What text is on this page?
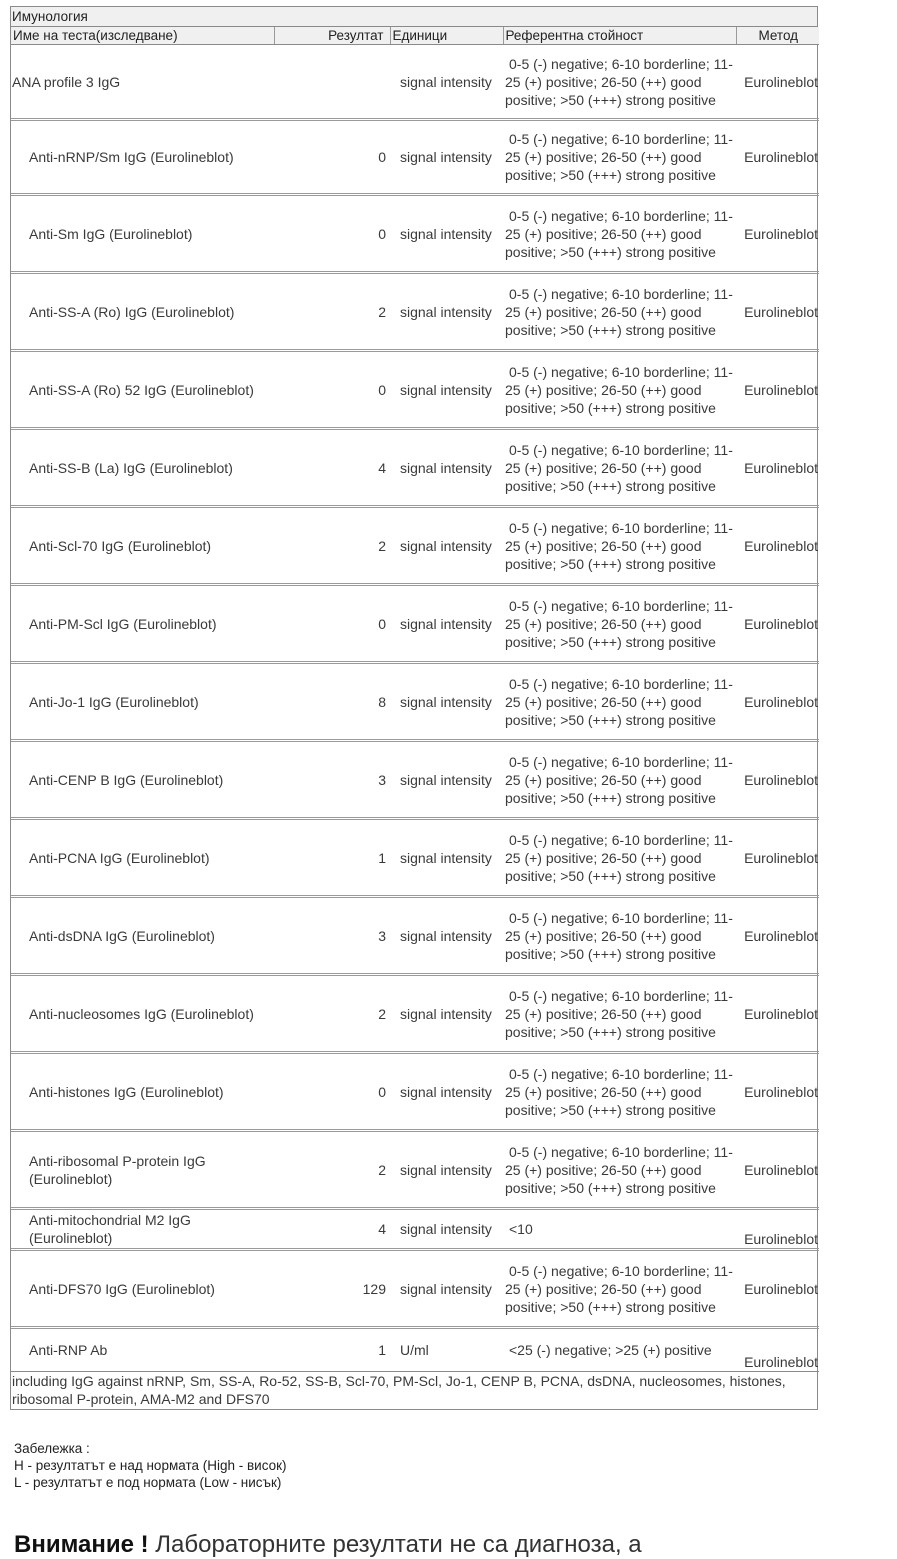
Имунология
Име на теста(изследване)	Резултат	Единици	Референтна стойност	Метод
ANA profile 3 IgG		signal intensity	0-5 (-) negative; 6-10 borderline; 11-25 (+) positive; 26-50 (++) good positive; >50 (+++) strong positive	Eurolineblot
Anti-nRNP/Sm IgG (Eurolineblot)	0	signal intensity	0-5 (-) negative; 6-10 borderline; 11-25 (+) positive; 26-50 (++) good positive; >50 (+++) strong positive	Eurolineblot
Anti-Sm IgG (Eurolineblot)	0	signal intensity	0-5 (-) negative; 6-10 borderline; 11-25 (+) positive; 26-50 (++) good positive; >50 (+++) strong positive	Eurolineblot
Anti-SS-A (Ro) IgG (Eurolineblot)	2	signal intensity	0-5 (-) negative; 6-10 borderline; 11-25 (+) positive; 26-50 (++) good positive; >50 (+++) strong positive	Eurolineblot
Anti-SS-A (Ro) 52 IgG (Eurolineblot)	0	signal intensity	0-5 (-) negative; 6-10 borderline; 11-25 (+) positive; 26-50 (++) good positive; >50 (+++) strong positive	Eurolineblot
Anti-SS-B (La) IgG (Eurolineblot)	4	signal intensity	0-5 (-) negative; 6-10 borderline; 11-25 (+) positive; 26-50 (++) good positive; >50 (+++) strong positive	Eurolineblot
Anti-Scl-70 IgG (Eurolineblot)	2	signal intensity	0-5 (-) negative; 6-10 borderline; 11-25 (+) positive; 26-50 (++) good positive; >50 (+++) strong positive	Eurolineblot
Anti-PM-Scl IgG (Eurolineblot)	0	signal intensity	0-5 (-) negative; 6-10 borderline; 11-25 (+) positive; 26-50 (++) good positive; >50 (+++) strong positive	Eurolineblot
Anti-Jo-1 IgG (Eurolineblot)	8	signal intensity	0-5 (-) negative; 6-10 borderline; 11-25 (+) positive; 26-50 (++) good positive; >50 (+++) strong positive	Eurolineblot
Anti-CENP B IgG (Eurolineblot)	3	signal intensity	0-5 (-) negative; 6-10 borderline; 11-25 (+) positive; 26-50 (++) good positive; >50 (+++) strong positive	Eurolineblot
Anti-PCNA IgG (Eurolineblot)	1	signal intensity	0-5 (-) negative; 6-10 borderline; 11-25 (+) positive; 26-50 (++) good positive; >50 (+++) strong positive	Eurolineblot
Anti-dsDNA IgG (Eurolineblot)	3	signal intensity	0-5 (-) negative; 6-10 borderline; 11-25 (+) positive; 26-50 (++) good positive; >50 (+++) strong positive	Eurolineblot
Anti-nucleosomes IgG (Eurolineblot)	2	signal intensity	0-5 (-) negative; 6-10 borderline; 11-25 (+) positive; 26-50 (++) good positive; >50 (+++) strong positive	Eurolineblot
Anti-histones IgG (Eurolineblot)	0	signal intensity	0-5 (-) negative; 6-10 borderline; 11-25 (+) positive; 26-50 (++) good positive; >50 (+++) strong positive	Eurolineblot
Anti-ribosomal P-protein IgG (Eurolineblot)	2	signal intensity	0-5 (-) negative; 6-10 borderline; 11-25 (+) positive; 26-50 (++) good positive; >50 (+++) strong positive	Eurolineblot
Anti-mitochondrial M2 IgG (Eurolineblot)	4	signal intensity	<10	Eurolineblot
Anti-DFS70 IgG (Eurolineblot)	129	signal intensity	0-5 (-) negative; 6-10 borderline; 11-25 (+) positive; 26-50 (++) good positive; >50 (+++) strong positive	Eurolineblot
Anti-RNP Ab	1	U/ml	<25 (-) negative; >25 (+) positive	Eurolineblot
including IgG against nRNP, Sm, SS-A, Ro-52, SS-B, Scl-70, PM-Scl, Jo-1, CENP B, PCNA, dsDNA, nucleosomes, histones, ribosomal P-protein, AMA-M2 and DFS70
Забележка :
H - резултатът е над нормата (High - висок)
L - резултатът е под нормата (Low - нисък)
Внимание ! Лабораторните резултати не са диагноза, а
